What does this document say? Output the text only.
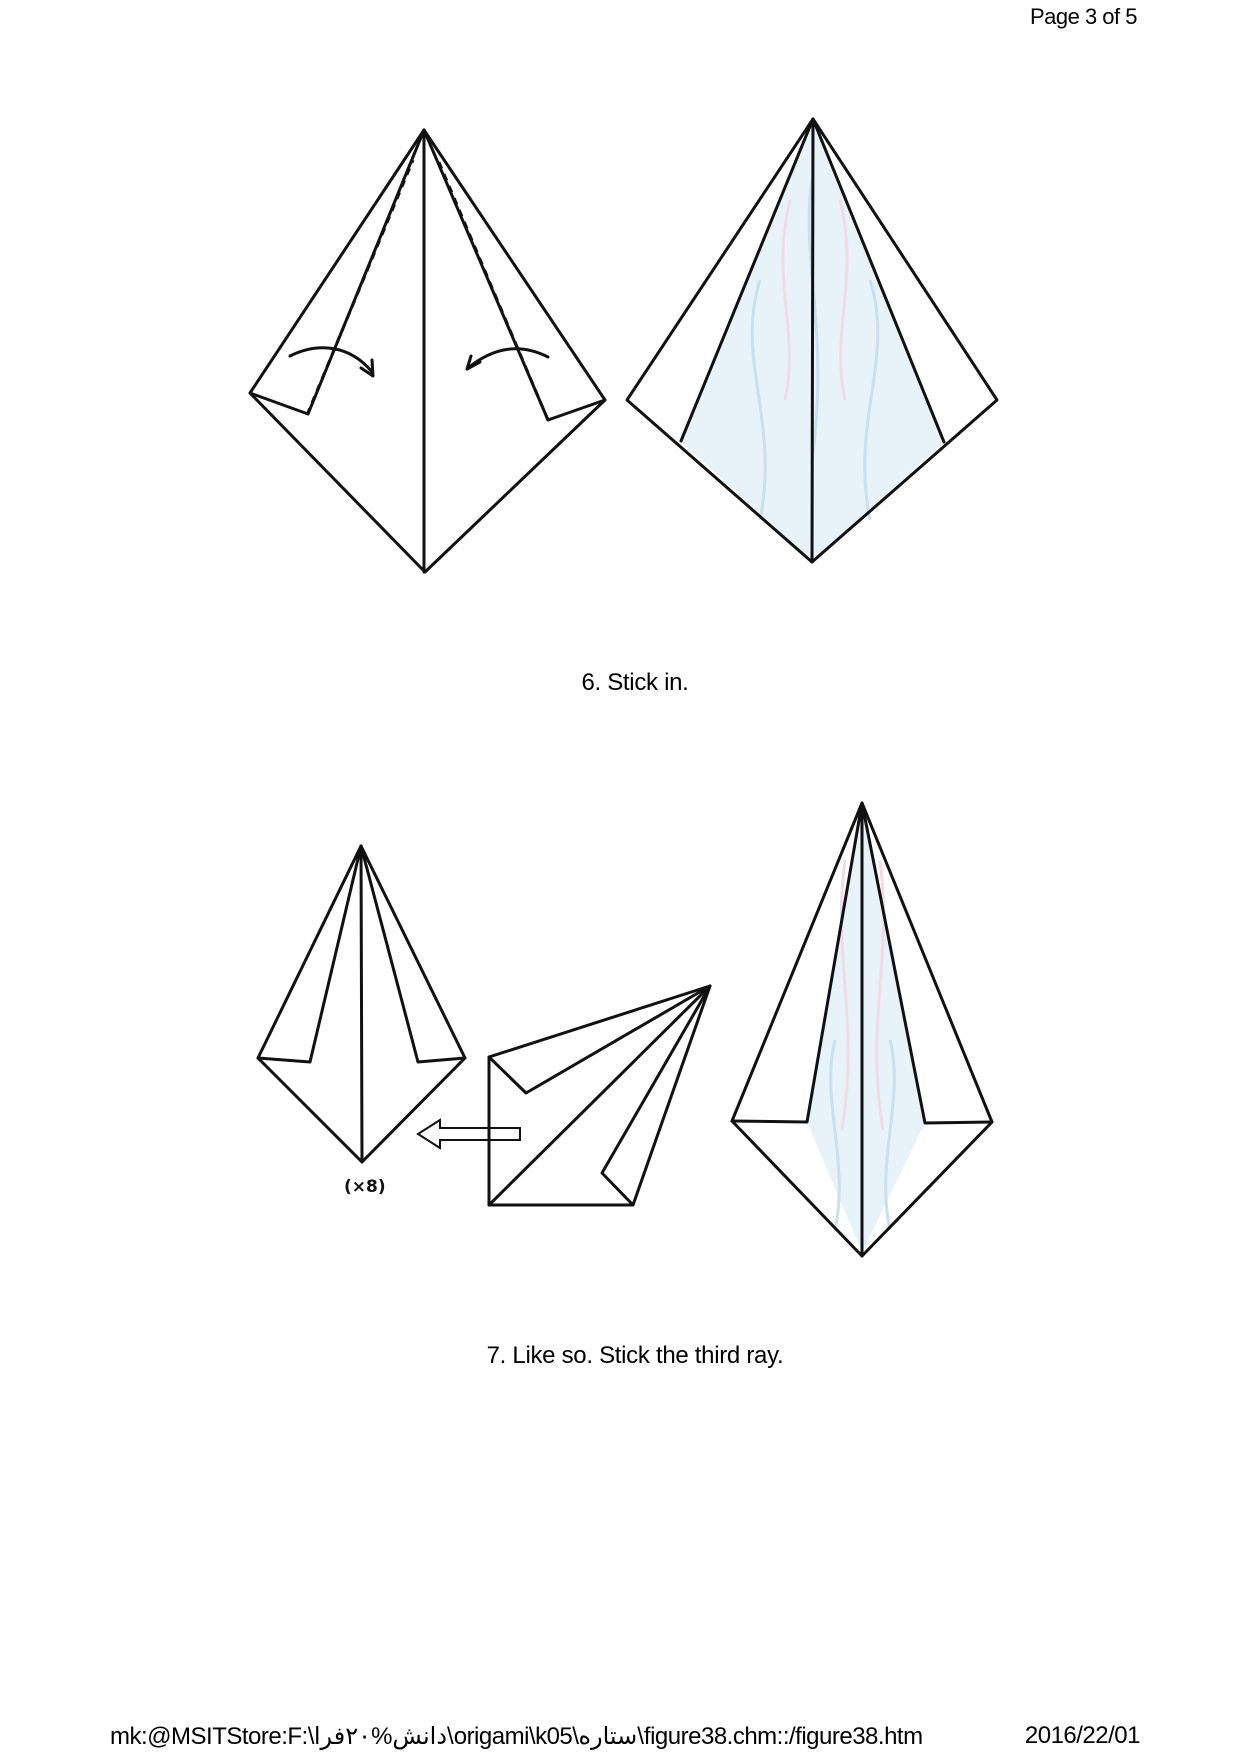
Page 3 of 5
6. Stick in.
(×8)
7. Like so. Stick the third ray.
mk:@MSITStore:F:\دانش%٢٠فرا\origami\k05\ستاره\figure38.chm::/figure38.htm	2016/22/01
